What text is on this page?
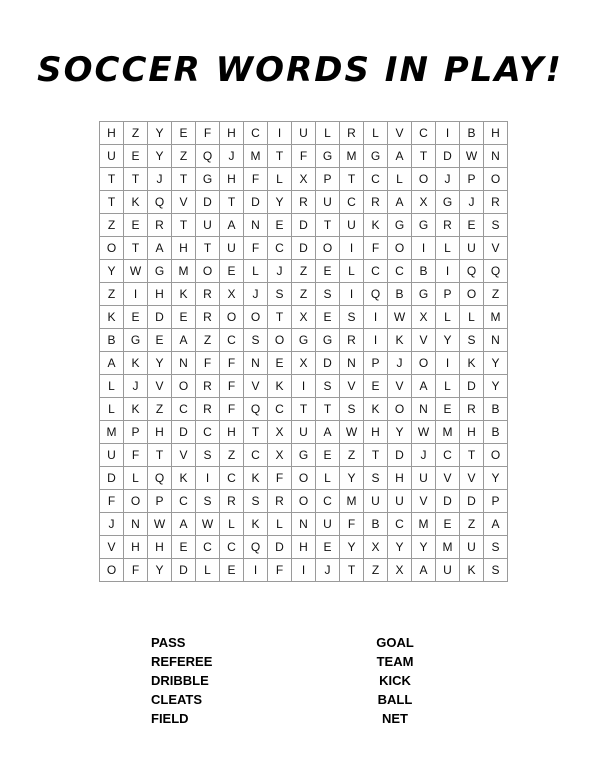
SOCCER WORDS IN PLAY!
H	Z	Y	E	F	H	C	I	U	L	R	L	V	C	I	B	H
U	E	Y	Z	Q	J	M	T	F	G	M	G	A	T	D	W	N
T	T	J	T	G	H	F	L	X	P	T	C	L	O	J	P	O
T	K	Q	V	D	T	D	Y	R	U	C	R	A	X	G	J	R
Z	E	R	T	U	A	N	E	D	T	U	K	G	G	R	E	S
O	T	A	H	T	U	F	C	D	O	I	F	O	I	L	U	V
Y	W	G	M	O	E	L	J	Z	E	L	C	C	B	I	Q	Q
Z	I	H	K	R	X	J	S	Z	S	I	Q	B	G	P	O	Z
K	E	D	E	R	O	O	T	X	E	S	I	W	X	L	L	M
B	G	E	A	Z	C	S	O	G	G	R	I	K	V	Y	S	N
A	K	Y	N	F	F	N	E	X	D	N	P	J	O	I	K	Y
L	J	V	O	R	F	V	K	I	S	V	E	V	A	L	D	Y
L	K	Z	C	R	F	Q	C	T	T	S	K	O	N	E	R	B
M	P	H	D	C	H	T	X	U	A	W	H	Y	W	M	H	B
U	F	T	V	S	Z	C	X	G	E	Z	T	D	J	C	T	O
D	L	Q	K	I	C	K	F	O	L	Y	S	H	U	V	V	Y
F	O	P	C	S	R	S	R	O	C	M	U	U	V	D	D	P
J	N	W	A	W	L	K	L	N	U	F	B	C	M	E	Z	A
V	H	H	E	C	C	Q	D	H	E	Y	X	Y	Y	M	U	S
O	F	Y	D	L	E	I	F	I	J	T	Z	X	A	U	K	S
PASS
REFEREE
DRIBBLE
CLEATS
FIELD
GOAL
TEAM
KICK
BALL
NET
